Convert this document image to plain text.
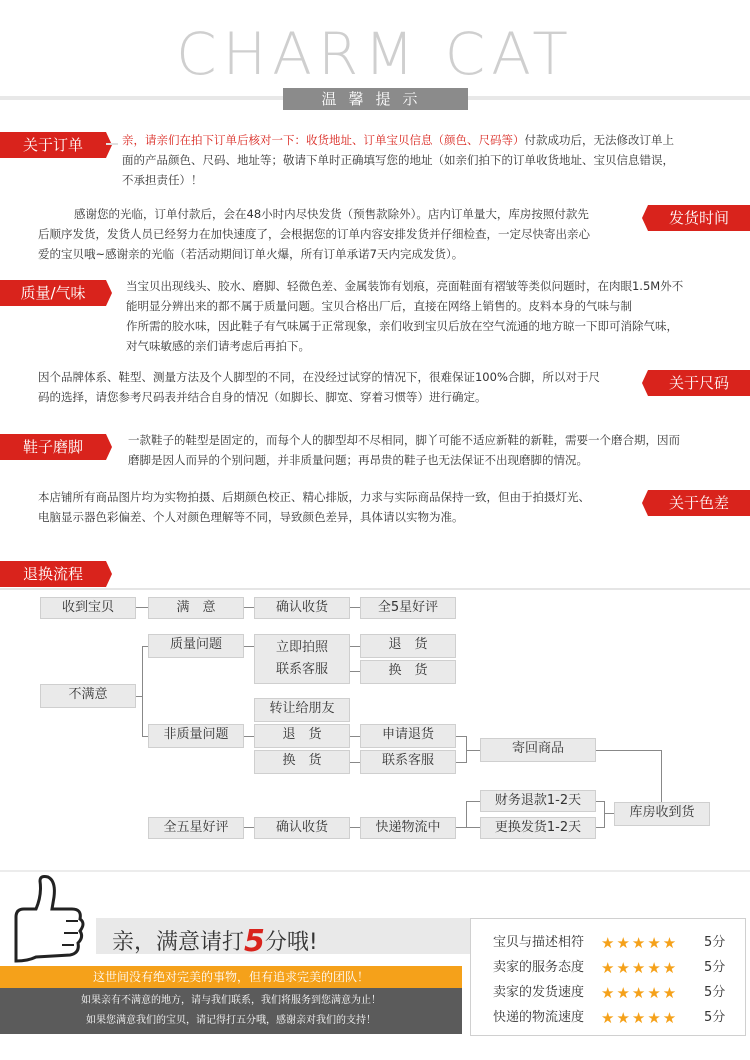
CHARM CAT
温馨提示
关于订单	亲，请亲们在拍下订单后核对一下：收货地址、订单宝贝信息（颜色、尺码等）付款成功后，无法修改订单上
面的产品颜色、尺码、地址等；敬请下单时正确填写您的地址（如亲们拍下的订单收货地址、宝贝信息错误，
不承担责任）！
发货时间
感谢您的光临，订单付款后，会在48小时内尽快发货（预售款除外）。店内订单量大，库房按照付款先
后顺序发货，发货人员已经努力在加快速度了，会根据您的订单内容安排发货并仔细检查，一定尽快寄出亲心
爱的宝贝哦~感谢亲的光临（若活动期间订单火爆，所有订单承诺7天内完成发货）。
质量/气味	当宝贝出现线头、胶水、磨脚、轻微色差、金属装饰有划痕，亮面鞋面有褶皱等类似问题时，在肉眼1.5M外不
能明显分辨出来的都不属于质量问题。宝贝合格出厂后，直接在网络上销售的。皮料本身的气味与制
作所需的胶水味，因此鞋子有气味属于正常现象，亲们收到宝贝后放在空气流通的地方晾一下即可消除气味，
对气味敏感的亲们请考虑后再拍下。
关于尺码
因个品牌体系、鞋型、测量方法及个人脚型的不同，在没经过试穿的情况下，很难保证100%合脚，所以对于尺
码的选择，请您参考尺码表并结合自身的情况（如脚长、脚宽、穿着习惯等）进行确定。
鞋子磨脚	一款鞋子的鞋型是固定的，而每个人的脚型却不尽相同，脚丫可能不适应新鞋的新鞋，需要一个磨合期，因而
磨脚是因人而异的个别问题，并非质量问题；再昂贵的鞋子也无法保证不出现磨脚的情况。
关于色差
本店铺所有商品图片均为实物拍摄、后期颜色校正、精心排版，力求与实际商品保持一致，但由于拍摄灯光、
电脑显示器色彩偏差、个人对颜色理解等不同，导致颜色差异，具体请以实物为准。
退换流程
收到宝贝	满　意	确认收货	全5星好评
不满意
质量问题	立即拍照
联系客服
退　货
换　货
转让给朋友
非质量问题	退　货
换　货
申请退货
联系客服
寄回商品
全五星好评	确认收货	快递物流中
财务退款1-2天
更换发货1-2天
库房收到货
亲，满意请打5分哦!
这世间没有绝对完美的事物，但有追求完美的团队！
如果亲有不满意的地方，请与我们联系，我们将服务到您满意为止！
如果您满意我们的宝贝，请记得打五分哦，感谢亲对我们的支持！
宝贝与描述相符	★★★★★ 5分
卖家的服务态度	★★★★★ 5分
卖家的发货速度	★★★★★ 5分
快递的物流速度	★★★★★ 5分
